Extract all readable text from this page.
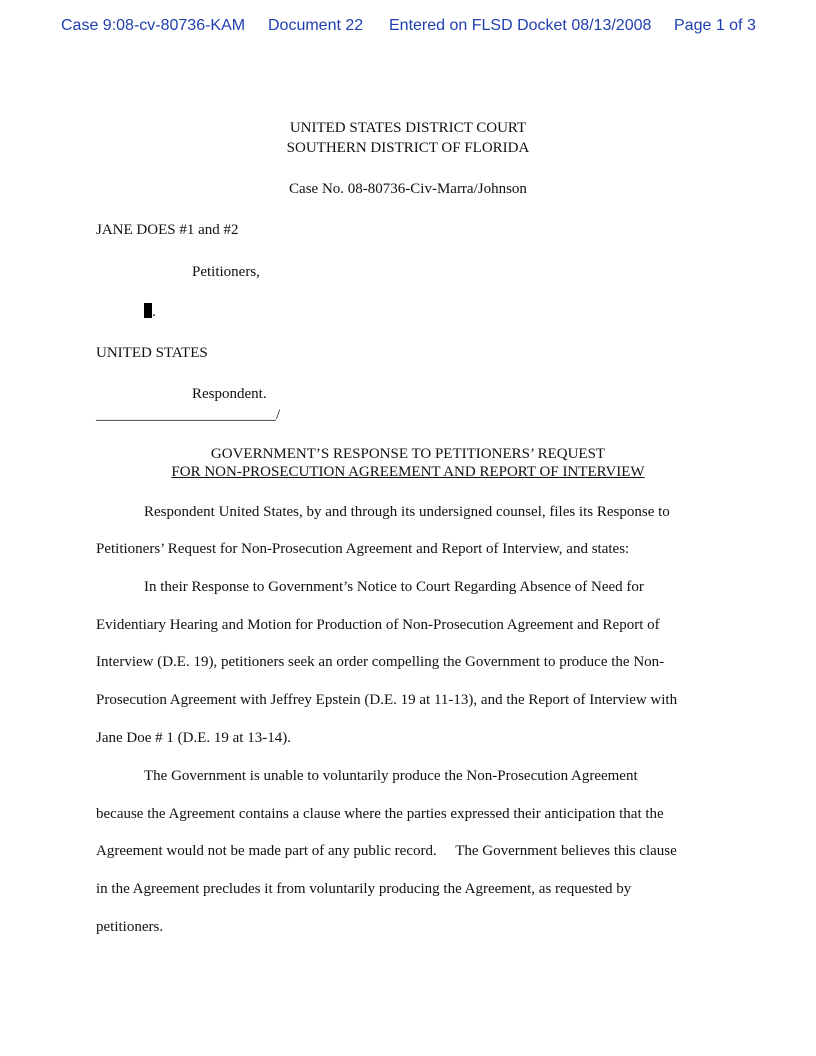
Case 9:08-cv-80736-KAM Document 22 Entered on FLSD Docket 08/13/2008 Page 1 of 3
UNITED STATES DISTRICT COURT
SOUTHERN DISTRICT OF FLORIDA
Case No. 08-80736-Civ-Marra/Johnson
JANE DOES #1 and #2
Petitioners,
.
UNITED STATES
Respondent.
________________________/
GOVERNMENT’S RESPONSE TO PETITIONERS’ REQUEST
FOR NON-PROSECUTION AGREEMENT AND REPORT OF INTERVIEW
Respondent United States, by and through its undersigned counsel, files its Response to
Petitioners’ Request for Non-Prosecution Agreement and Report of Interview, and states:
In their Response to Government’s Notice to Court Regarding Absence of Need for
Evidentiary Hearing and Motion for Production of Non-Prosecution Agreement and Report of
Interview (D.E. 19), petitioners seek an order compelling the Government to produce the Non-
Prosecution Agreement with Jeffrey Epstein (D.E. 19 at 11-13), and the Report of Interview with
Jane Doe # 1 (D.E. 19 at 13-14).
The Government is unable to voluntarily produce the Non-Prosecution Agreement
because the Agreement contains a clause where the parties expressed their anticipation that the
Agreement would not be made part of any public record.     The Government believes this clause
in the Agreement precludes it from voluntarily producing the Agreement, as requested by
petitioners.
